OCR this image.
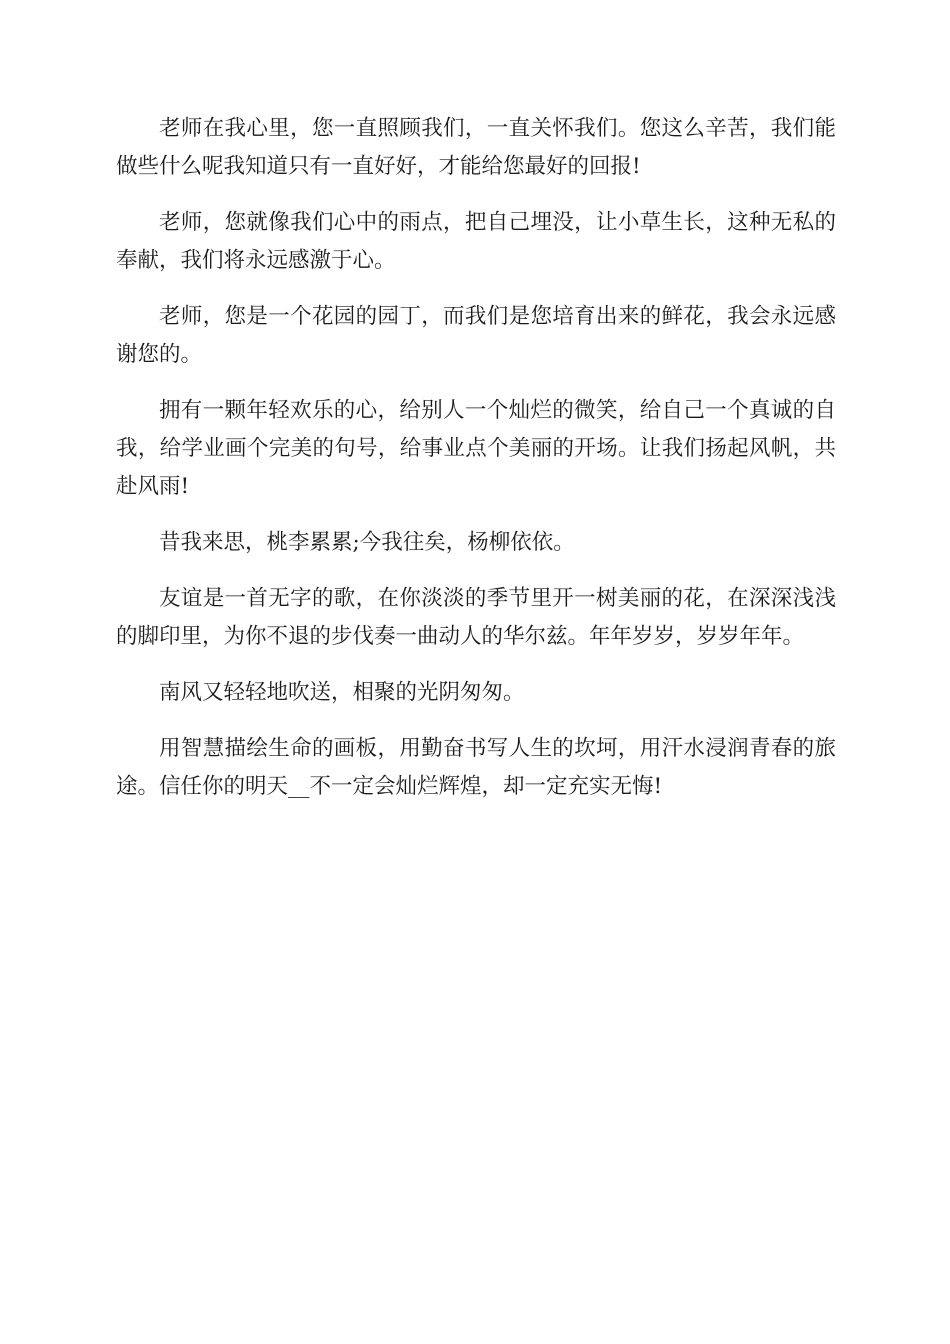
老师在我心里，您一直照顾我们，一直关怀我们。您这么辛苦，我们能做些什么呢我知道只有一直好好，才能给您最好的回报!

老师，您就像我们心中的雨点，把自己埋没，让小草生长，这种无私的奉献，我们将永远感激于心。

老师，您是一个花园的园丁，而我们是您培育出来的鲜花，我会永远感谢您的。

拥有一颗年轻欢乐的心，给别人一个灿烂的微笑，给自己一个真诚的自我，给学业画个完美的句号，给事业点个美丽的开场。让我们扬起风帆，共赴风雨!

昔我来思，桃李累累;今我往矣，杨柳依依。

友谊是一首无字的歌，在你淡淡的季节里开一树美丽的花，在深深浅浅的脚印里，为你不退的步伐奏一曲动人的华尔兹。年年岁岁，岁岁年年。

南风又轻轻地吹送，相聚的光阴匆匆。

用智慧描绘生命的画板，用勤奋书写人生的坎坷，用汗水浸润青春的旅途。信任你的明天__不一定会灿烂辉煌，却一定充实无悔!
